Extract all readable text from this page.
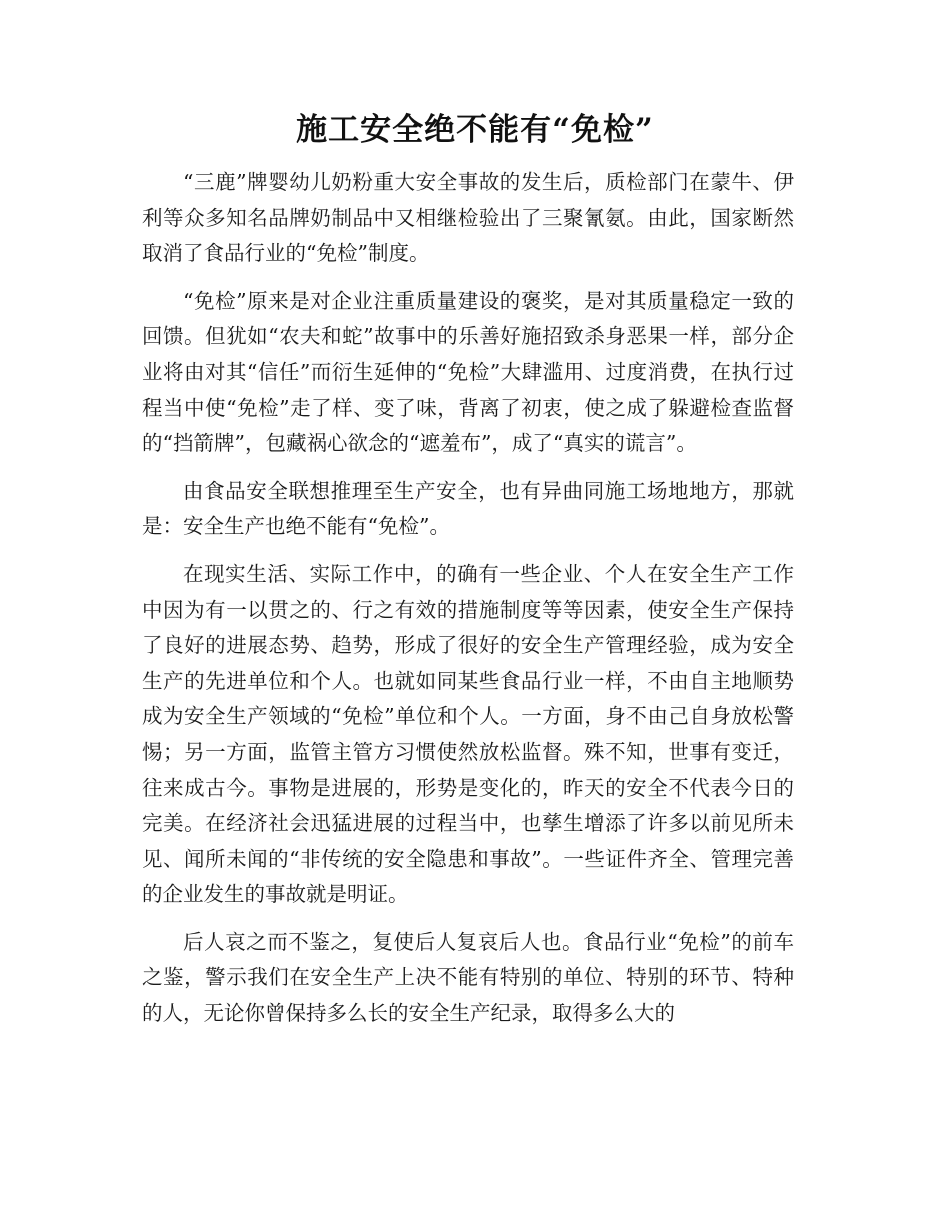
施工安全绝不能有“免检”

“三鹿”牌婴幼儿奶粉重大安全事故的发生后，质检部门在蒙牛、伊利等众多知名品牌奶制品中又相继检验出了三聚氰氨。由此，国家断然取消了食品行业的“免检”制度。

“免检”原来是对企业注重质量建设的褒奖，是对其质量稳定一致的回馈。但犹如“农夫和蛇”故事中的乐善好施招致杀身恶果一样，部分企业将由对其“信任”而衍生延伸的“免检”大肆滥用、过度消费，在执行过程当中使“免检”走了样、变了味，背离了初衷，使之成了躲避检查监督的“挡箭牌”，包藏祸心欲念的“遮羞布”，成了“真实的谎言”。

由食品安全联想推理至生产安全，也有异曲同施工场地地方，那就是：安全生产也绝不能有“免检”。

在现实生活、实际工作中，的确有一些企业、个人在安全生产工作中因为有一以贯之的、行之有效的措施制度等等因素，使安全生产保持了良好的进展态势、趋势，形成了很好的安全生产管理经验，成为安全生产的先进单位和个人。也就如同某些食品行业一样，不由自主地顺势成为安全生产领域的“免检”单位和个人。一方面，身不由己自身放松警惕；另一方面，监管主管方习惯使然放松监督。殊不知，世事有变迁，往来成古今。事物是进展的，形势是变化的，昨天的安全不代表今日的完美。在经济社会迅猛进展的过程当中，也孳生增添了许多以前见所未见、闻所未闻的“非传统的安全隐患和事故”。一些证件齐全、管理完善的企业发生的事故就是明证。

后人哀之而不鉴之，复使后人复哀后人也。食品行业“免检”的前车之鉴，警示我们在安全生产上决不能有特别的单位、特别的环节、特种的人，无论你曾保持多么长的安全生产纪录，取得多么大的
